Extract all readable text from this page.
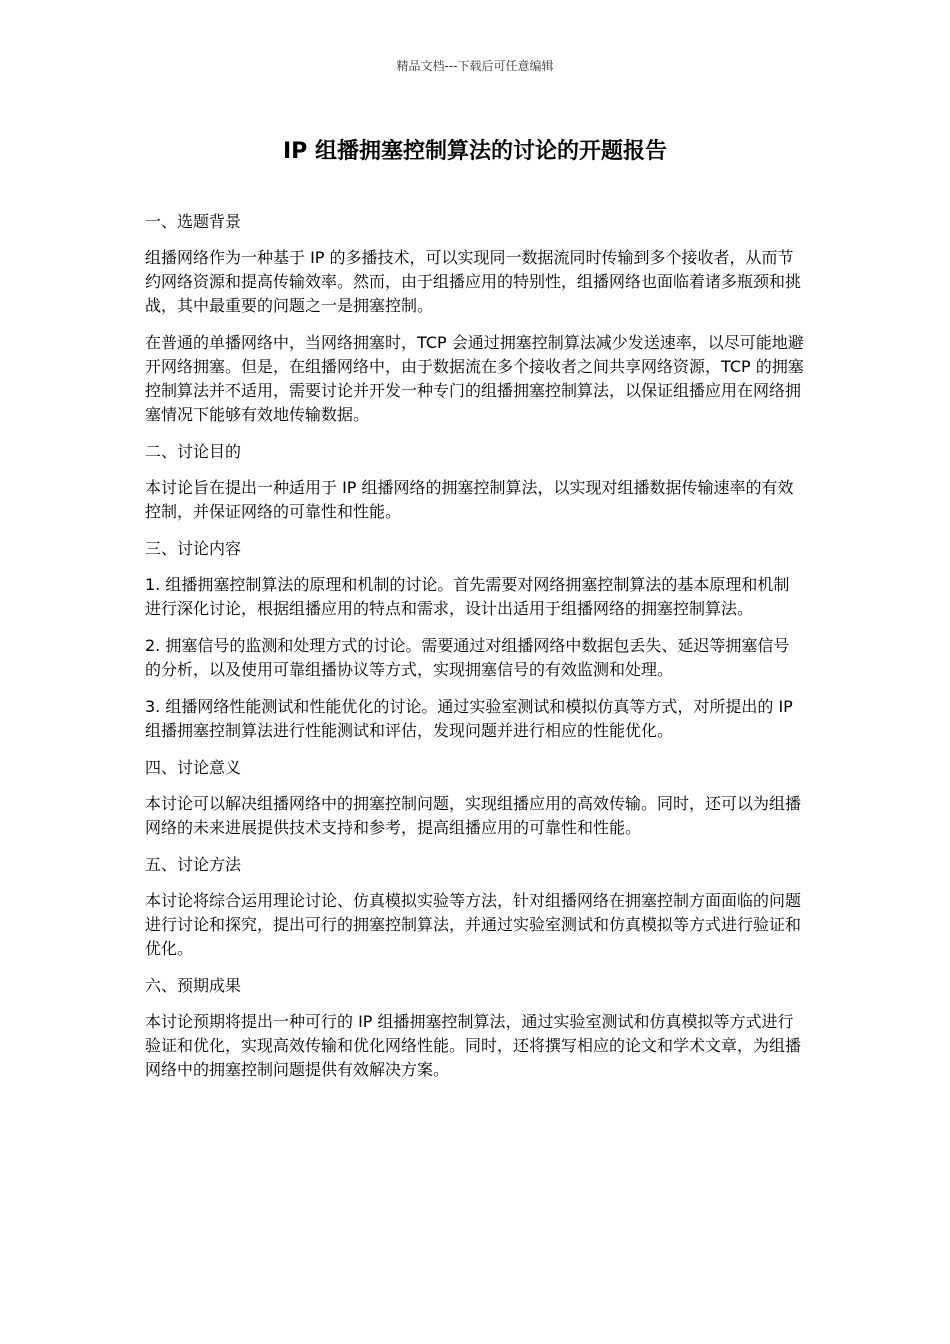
精品文档---下载后可任意编辑
IP 组播拥塞控制算法的讨论的开题报告

一、选题背景

组播网络作为一种基于 IP 的多播技术，可以实现同一数据流同时传输到多个接收者，从而节约网络资源和提高传输效率。然而，由于组播应用的特别性，组播网络也面临着诸多瓶颈和挑战，其中最重要的问题之一是拥塞控制。

在普通的单播网络中，当网络拥塞时，TCP 会通过拥塞控制算法减少发送速率，以尽可能地避开网络拥塞。但是，在组播网络中，由于数据流在多个接收者之间共享网络资源，TCP 的拥塞控制算法并不适用，需要讨论并开发一种专门的组播拥塞控制算法，以保证组播应用在网络拥塞情况下能够有效地传输数据。

二、讨论目的

本讨论旨在提出一种适用于 IP 组播网络的拥塞控制算法，以实现对组播数据传输速率的有效控制，并保证网络的可靠性和性能。

三、讨论内容

1. 组播拥塞控制算法的原理和机制的讨论。首先需要对网络拥塞控制算法的基本原理和机制进行深化讨论，根据组播应用的特点和需求，设计出适用于组播网络的拥塞控制算法。

2. 拥塞信号的监测和处理方式的讨论。需要通过对组播网络中数据包丢失、延迟等拥塞信号的分析，以及使用可靠组播协议等方式，实现拥塞信号的有效监测和处理。

3. 组播网络性能测试和性能优化的讨论。通过实验室测试和模拟仿真等方式，对所提出的 IP 组播拥塞控制算法进行性能测试和评估，发现问题并进行相应的性能优化。

四、讨论意义

本讨论可以解决组播网络中的拥塞控制问题，实现组播应用的高效传输。同时，还可以为组播网络的未来进展提供技术支持和参考，提高组播应用的可靠性和性能。

五、讨论方法

本讨论将综合运用理论讨论、仿真模拟实验等方法，针对组播网络在拥塞控制方面面临的问题进行讨论和探究，提出可行的拥塞控制算法，并通过实验室测试和仿真模拟等方式进行验证和优化。

六、预期成果

本讨论预期将提出一种可行的 IP 组播拥塞控制算法，通过实验室测试和仿真模拟等方式进行验证和优化，实现高效传输和优化网络性能。同时，还将撰写相应的论文和学术文章，为组播网络中的拥塞控制问题提供有效解决方案。
